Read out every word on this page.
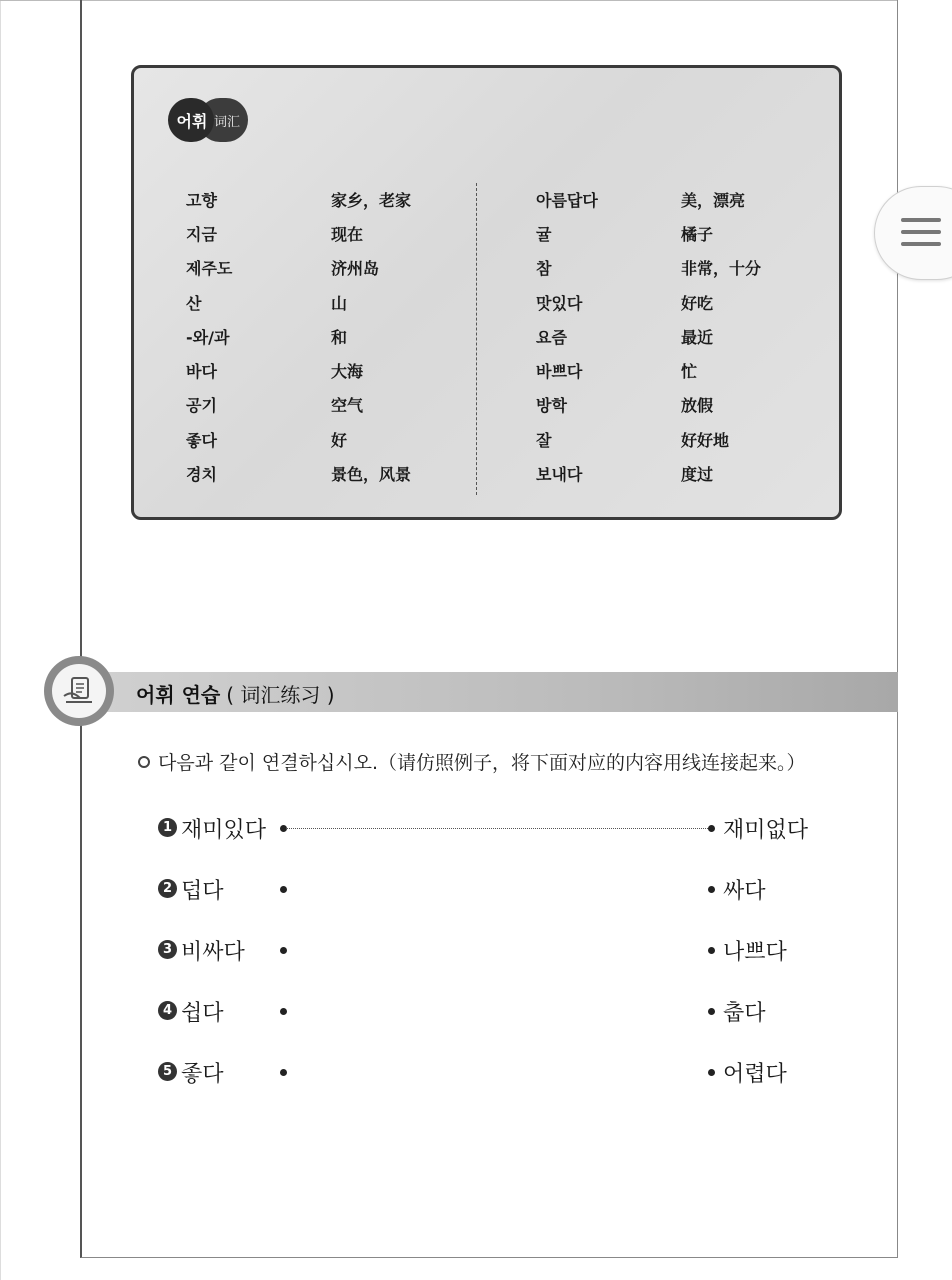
词汇
어휘
고향	家乡，老家
지금	现在
제주도	济州岛
산	山
-와/과	和
바다	大海
공기	空气
좋다	好
경치	景色，风景
아름답다	美，漂亮
귤	橘子
참	非常，十分
맛있다	好吃
요즘	最近
바쁘다	忙
방학	放假
잘	好好地
보내다	度过
어휘 연습 ( 词汇练习 )
다음과 같이 연결하십시오.（请仿照例子，将下面对应的内容用线连接起来。）
1 재미있다	재미없다
2 덥다	싸다
3 비싸다	나쁘다
4 쉽다	춥다
5 좋다	어렵다
